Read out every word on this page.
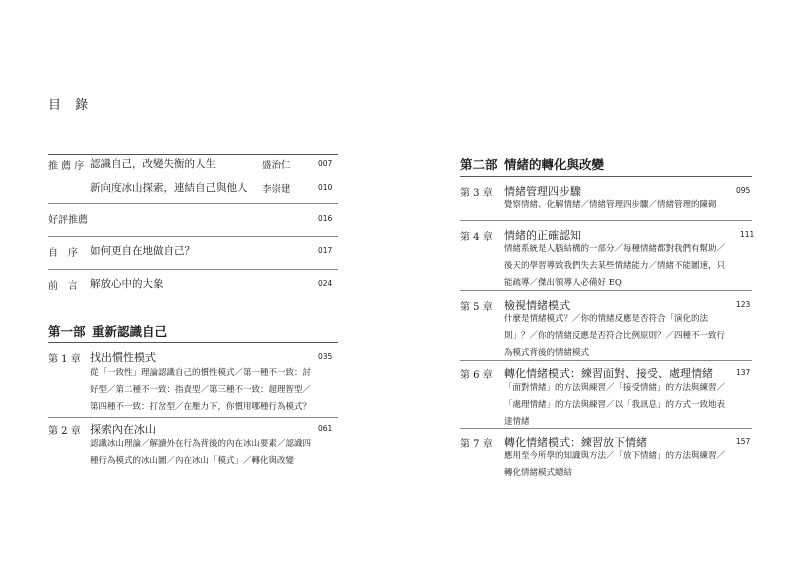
目 錄
推 薦 序 認識自己，改變失衡的人生	盛治仁	007
新向度冰山探索，連結自己與他人 李崇建	010
好評推薦	016
自　序 如何更自在地做自己？	017
前　言 解放心中的大象	024
第一部 重新認識自己
第 1 章 找出慣性模式	035
從「一致性」理論認識自己的慣性模式／第一種不一致：討
好型／第二種不一致：指責型／第三種不一致：超理智型／
第四種不一致：打岔型／在壓力下，你慣用哪種行為模式？
第 2 章 探索內在冰山	061
認識冰山理論／解讀外在行為背後的內在冰山要素／認識四
種行為模式的冰山圖／內在冰山「模式」／轉化與改變
第二部 情緒的轉化與改變
第 3 章 情緒管理四步驟	095
覺察情緒、化解情緒／情緒管理四步驟／情緒管理的陳砌
第 4 章 情緒的正確認知	111
情緒系統是人腦結構的一部分／每種情緒都對我們有幫助／
後天的學習導致我們失去某些情緒能力／情緒不能圖速，只
能疏導／傑出領導人必備好 EQ
第 5 章 檢視情緒模式	123
什麼是情緒模式？／你的情緒反應是否符合「演化的法
則」？／你的情緒反應是否符合比例原則？／四種不一致行
為模式背後的情緒模式
第 6 章 轉化情緒模式：練習面對、接受、處理情緒	137
「面對情緒」的方法與練習／「接受情緒」的方法與練習／
「處理情緒」的方法與練習／以「我訊息」的方式一致地表
達情緒
第 7 章 轉化情緒模式：練習放下情緒	157
應用至今所學的知識與方法／「放下情緒」的方法與練習／
轉化情緒模式總結
